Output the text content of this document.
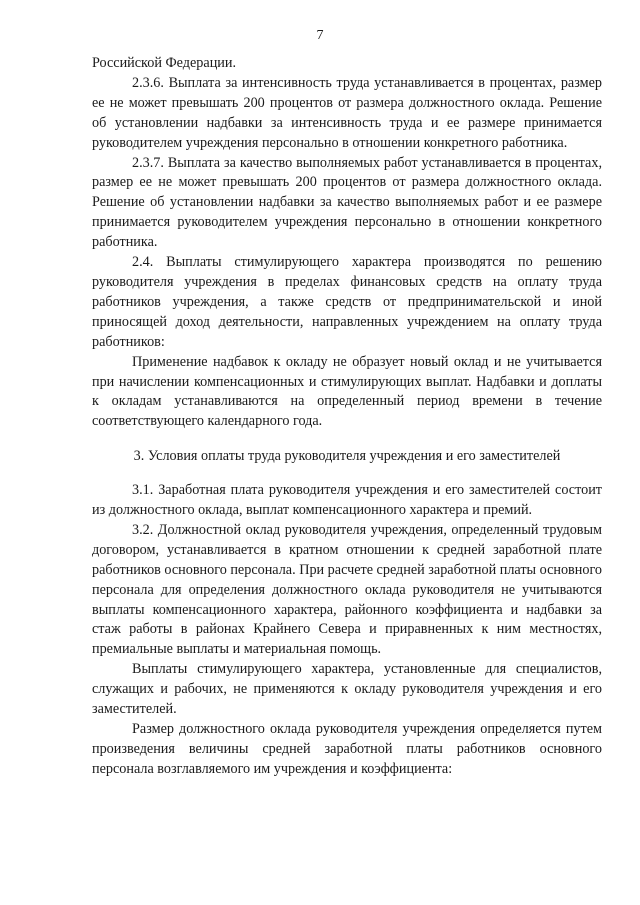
7

Российской Федерации.

2.3.6. Выплата за интенсивность труда устанавливается в процентах, размер ее не может превышать 200 процентов от размера должностного оклада. Решение об установлении надбавки за интенсивность труда и ее размере принимается руководителем учреждения персонально в отношении конкретного работника.

2.3.7. Выплата за качество выполняемых работ устанавливается в процентах, размер ее не может превышать 200 процентов от размера должностного оклада. Решение об установлении надбавки за качество выполняемых работ и ее размере принимается руководителем учреждения персонально в отношении конкретного работника.

2.4. Выплаты стимулирующего характера производятся по решению руководителя учреждения в пределах финансовых средств на оплату труда работников учреждения, а также средств от предпринимательской и иной приносящей доход деятельности, направленных учреждением на оплату труда работников:

Применение надбавок к окладу не образует новый оклад и не учитывается при начислении компенсационных и стимулирующих выплат. Надбавки и доплаты к окладам устанавливаются на определенный период времени в течение соответствующего календарного года.

3. Условия оплаты труда руководителя учреждения и его заместителей

3.1. Заработная плата руководителя учреждения и его заместителей состоит из должностного оклада, выплат компенсационного характера и премий.

3.2. Должностной оклад руководителя учреждения, определенный трудовым договором, устанавливается в кратном отношении к средней заработной плате работников основного персонала. При расчете средней заработной платы основного персонала для определения должностного оклада руководителя не учитываются выплаты компенсационного характера, районного коэффициента и надбавки за стаж работы в районах Крайнего Севера и приравненных к ним местностях, премиальные выплаты и материальная помощь.

Выплаты стимулирующего характера, установленные для специалистов, служащих и рабочих, не применяются к окладу руководителя учреждения и его заместителей.

Размер должностного оклада руководителя учреждения определяется путем произведения величины средней заработной платы работников основного персонала возглавляемого им учреждения и коэффициента:
